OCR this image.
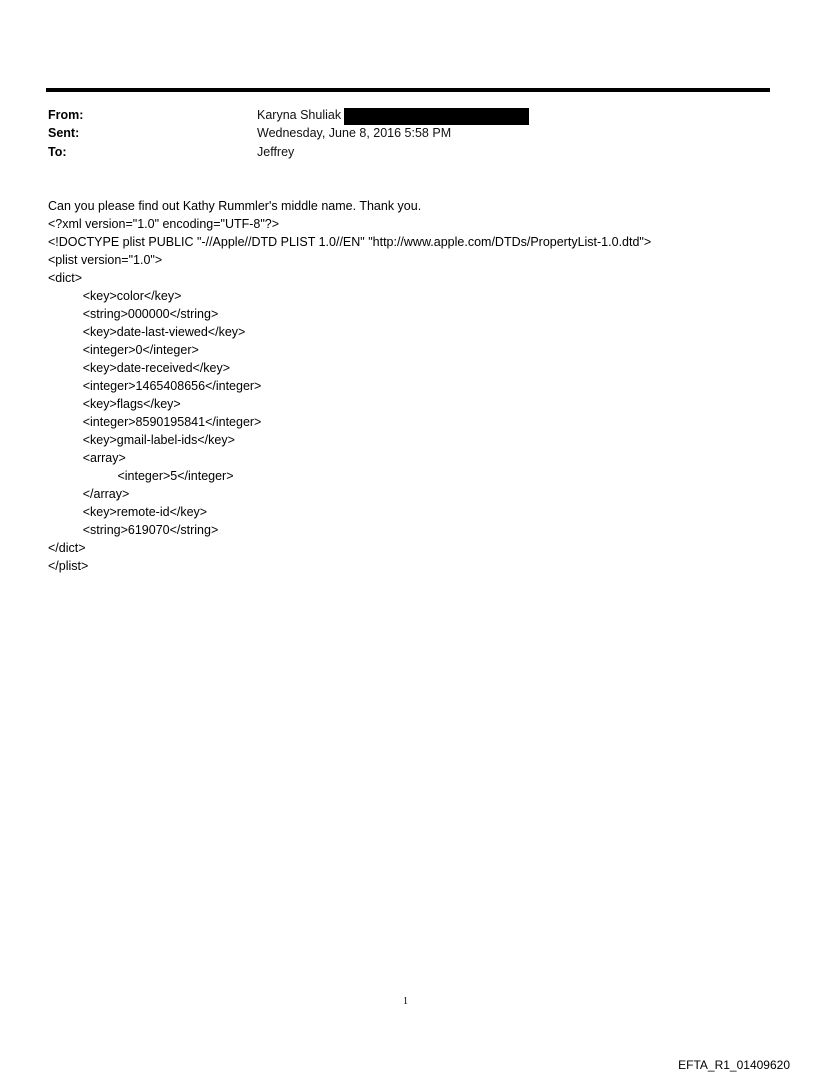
From:	Karyna Shuliak
Sent:	Wednesday, June 8, 2016 5:58 PM
To:	Jeffrey
Can you please find out Kathy Rummler's middle name. Thank you.
<?xml version="1.0" encoding="UTF-8"?>
<!DOCTYPE plist PUBLIC "-//Apple//DTD PLIST 1.0//EN" "http://www.apple.com/DTDs/PropertyList-1.0.dtd">
<plist version="1.0">
<dict>
<key>color</key>
<string>000000</string>
<key>date-last-viewed</key>
<integer>0</integer>
<key>date-received</key>
<integer>1465408656</integer>
<key>flags</key>
<integer>8590195841</integer>
<key>gmail-label-ids</key>
<array>
<integer>5</integer>
</array>
<key>remote-id</key>
<string>619070</string>
</dict>
</plist>
1
EFTA_R1_01409620
